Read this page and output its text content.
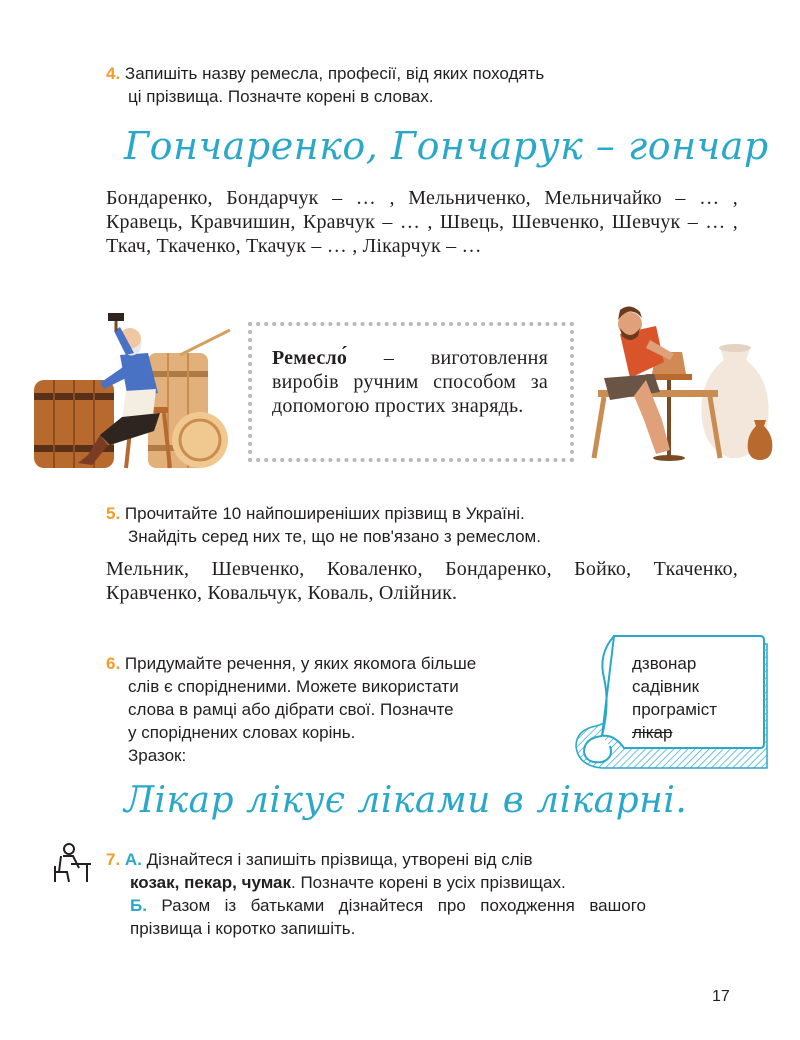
4. Запишіть назву ремесла, професії, від яких походять
ці прізвища. Позначте корені в словах.
Гончаренко, Гончарук – гончар
Бондаренко, Бондарчук – … , Мельниченко, Мельничайко – … , Кравець, Кравчишин, Кравчук – … , Швець, Шевченко, Шевчук – … , Ткач, Ткаченко, Ткачук – … , Лікарчук – …
Ремесло́ – виготовлення виробів ручним способом за допомогою простих знарядь.
5. Прочитайте 10 найпоширеніших прізвищ в Україні.
Знайдіть серед них те, що не пов'язано з ремеслом.
Мельник, Шевченко, Коваленко, Бондаренко, Бойко, Ткаченко, Кравченко, Ковальчук, Коваль, Олійник.
6. Придумайте речення, у яких якомога більше
слів є спорідненими. Можете використати
слова в рамці або дібрати свої. Позначте
у споріднених словах корінь.
Зразок:
дзвонар
садівник
програміст
лікар
Лікар лікує ліками в лікарні.
7. А. Дізнайтеся і запишіть прізвища, утворені від слів
козак, пекар, чумак. Позначте корені в усіх прізвищах.
Б. Разом із батьками дізнайтеся про походження вашого прізвища і коротко запишіть.
17
